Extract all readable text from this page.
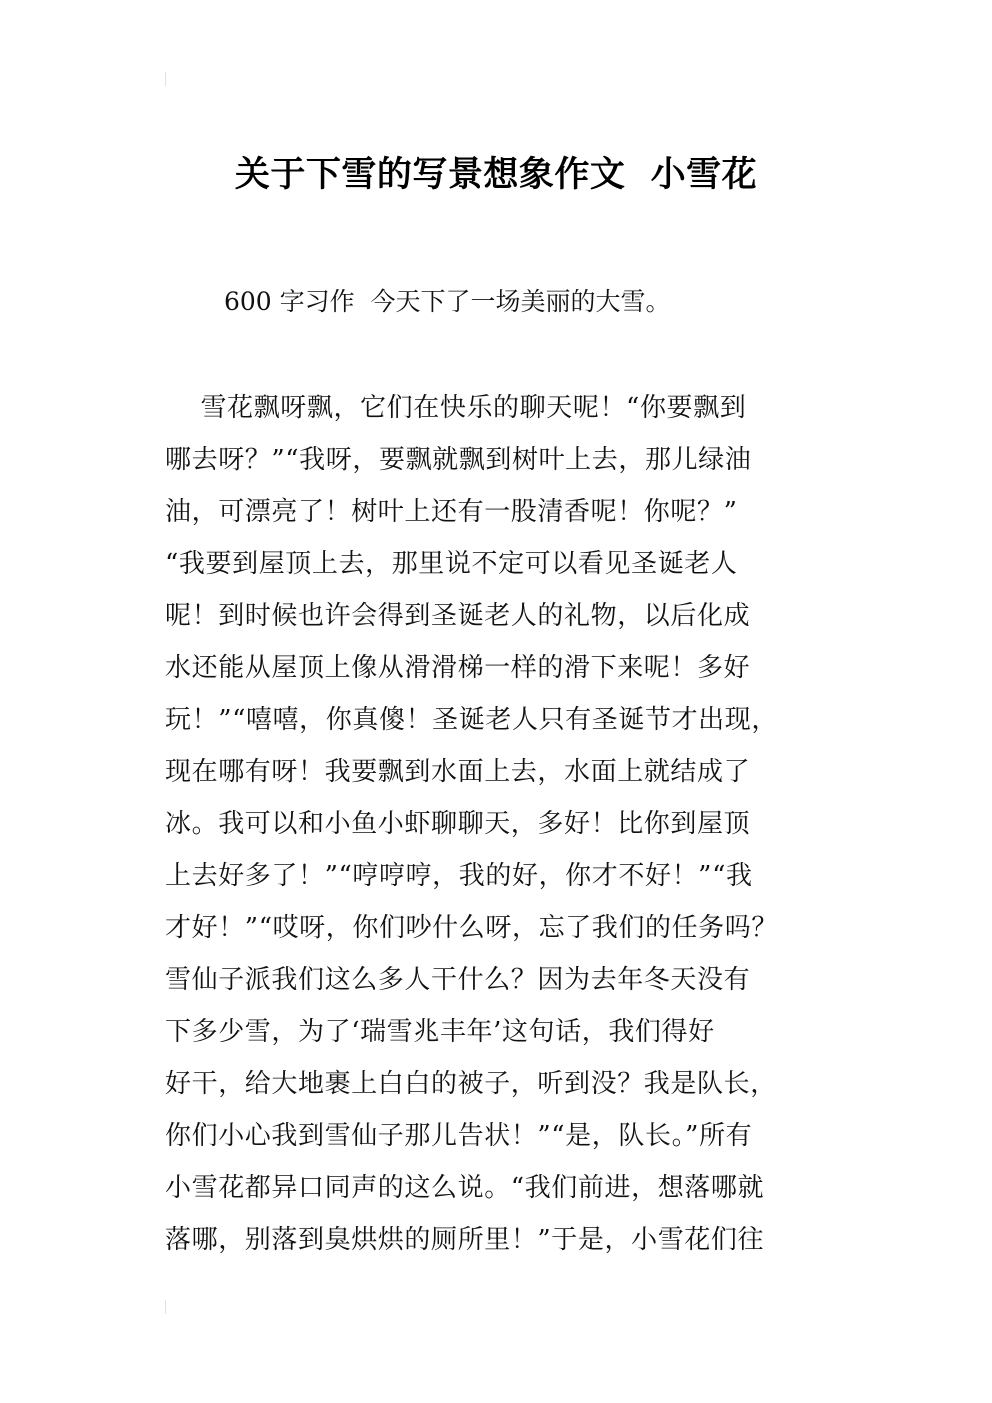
关于下雪的写景想象作文  小雪花
600 字习作  今天下了一场美丽的大雪。
雪花飘呀飘，它们在快乐的聊天呢！“你要飘到
哪去呀？”“我呀，要飘就飘到树叶上去，那儿绿油
油，可漂亮了！树叶上还有一股清香呢！你呢？”
“我要到屋顶上去，那里说不定可以看见圣诞老人
呢！到时候也许会得到圣诞老人的礼物，以后化成
水还能从屋顶上像从滑滑梯一样的滑下来呢！多好
玩！”“嘻嘻，你真傻！圣诞老人只有圣诞节才出现，
现在哪有呀！我要飘到水面上去，水面上就结成了
冰。我可以和小鱼小虾聊聊天，多好！比你到屋顶
上去好多了！”“哼哼哼，我的好，你才不好！”“我
才好！”“哎呀，你们吵什么呀，忘了我们的任务吗？
雪仙子派我们这么多人干什么？因为去年冬天没有
下多少雪，为了‘瑞雪兆丰年’这句话，我们得好
好干，给大地裹上白白的被子，听到没？我是队长，
你们小心我到雪仙子那儿告状！”“是，队长。”所有
小雪花都异口同声的这么说。“我们前进，想落哪就
落哪，别落到臭烘烘的厕所里！”于是，小雪花们往
